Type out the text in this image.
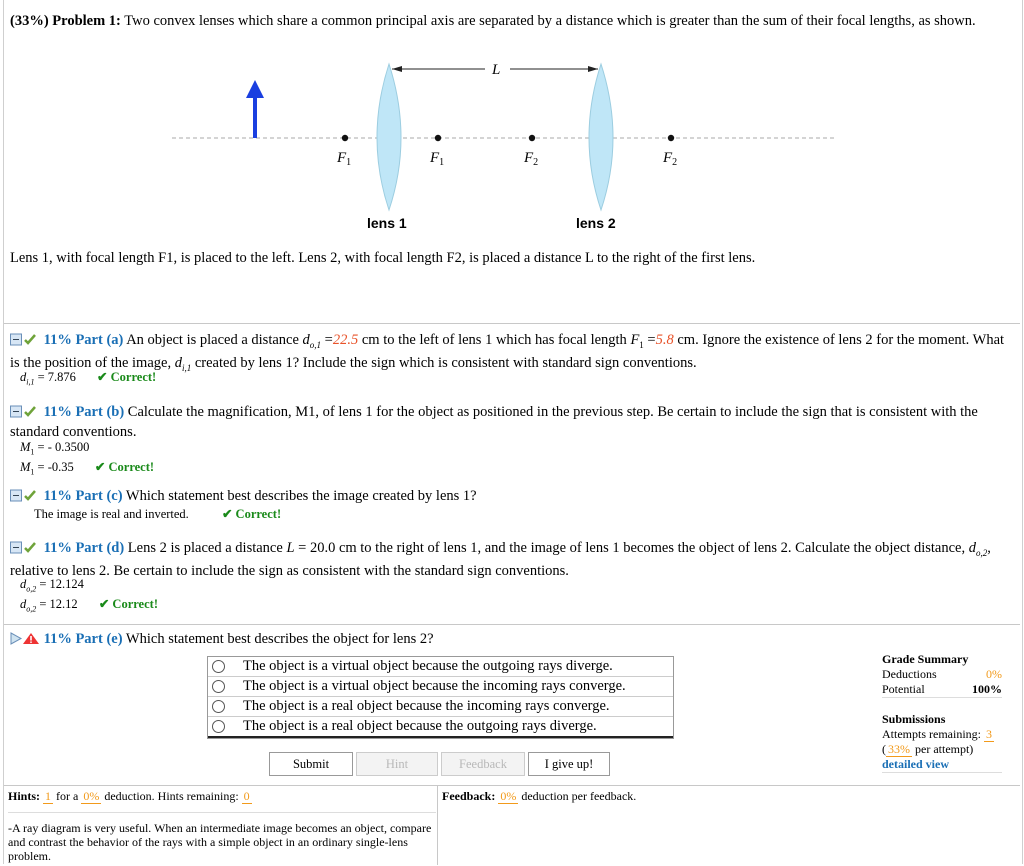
(33%) Problem 1: Two convex lenses which share a common principal axis are separated by a distance which is greater than the sum of their focal lengths, as shown.
L
$F_1$	$F_1$	$F_2$	$F_2$
lens 1	lens 2
Lens 1, with focal length F1, is placed to the left. Lens 2, with focal length F2, is placed a distance L to the right of the first lens.
11% Part (a) An object is placed a distance $d_{o,1} =22.5$ cm to the left of lens 1 which has focal length $F_1 =5.8$ cm. Ignore the existence of lens 2 for the moment. What is the position of the image, $d_{i,1}$ created by lens 1? Include the sign which is consistent with standard sign conventions.
$d_{i,1} = 7.876$ ✔ Correct!
11% Part (b) Calculate the magnification, M1, of lens 1 for the object as positioned in the previous step. Be certain to include the sign that is consistent with the standard conventions.
$M_1$ = - 0.3500
$M_1 = -0.35$ ✔ Correct!
11% Part (c) Which statement best describes the image created by lens 1?
The image is real and inverted.	✔ Correct!
11% Part (d) Lens 2 is placed a distance L = 20.0 cm to the right of lens 1, and the image of lens 1 becomes the object of lens 2. Calculate the object distance, $d_{o,2}$, relative to lens 2. Be certain to include the sign as consistent with the standard sign conventions.
$d_{o,2} = 12.124$
$d_{o,2} = 12.12$ ✔ Correct!
11% Part (e) Which statement best describes the object for lens 2?
The object is a virtual object because the outgoing rays diverge.
The object is a virtual object because the incoming rays converge.
The object is a real object because the incoming rays converge.
The object is a real object because the outgoing rays diverge.
Submit	Hint	Feedback	I give up!
Grade Summary
Deductions	0%
Potential	100%
Submissions
Attempts remaining: 3
( 33% per attempt)
detailed view
Hints: 1 for a 0% deduction. Hints remaining: 0
-A ray diagram is very useful. When an intermediate image becomes an object, compare and contrast the behavior of the rays with a simple object in an ordinary single-lens problem.
Feedback: 0% deduction per feedback.
